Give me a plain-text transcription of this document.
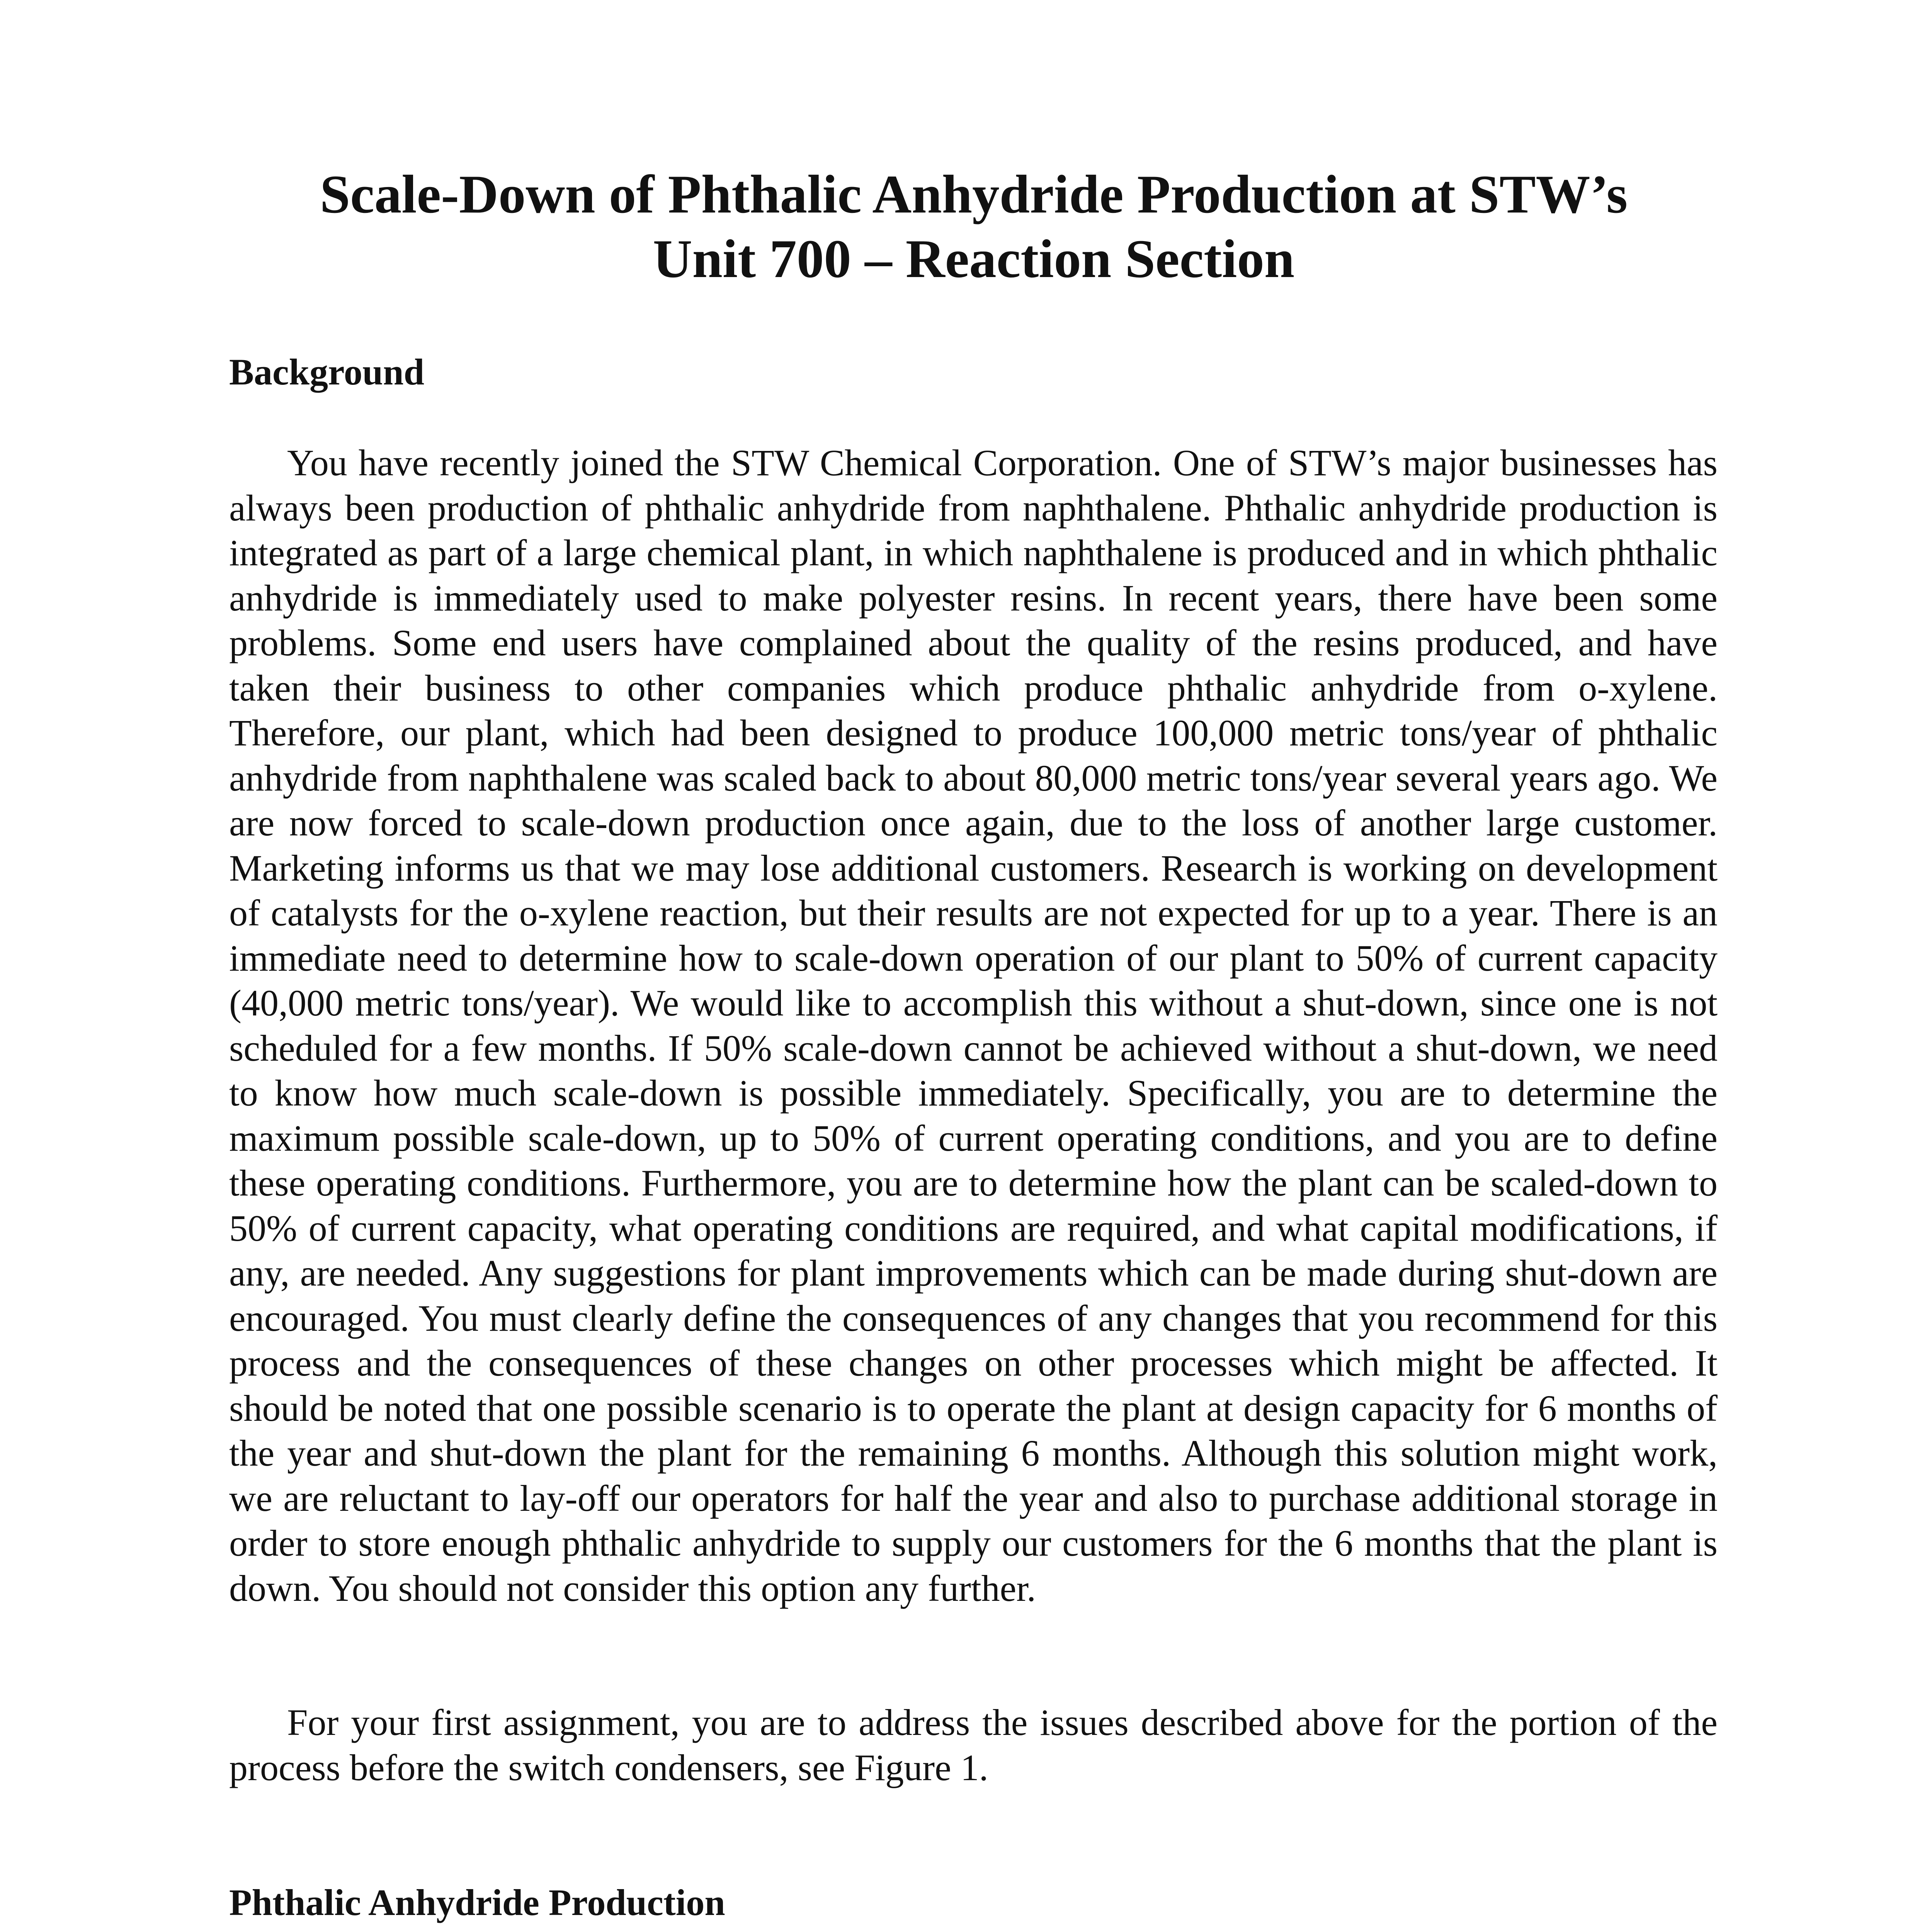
Scale-Down of Phthalic Anhydride Production at STW’s
Unit 700 – Reaction Section
Background

You have recently joined the STW Chemical Corporation. One of STW’s major businesses has always been production of phthalic anhydride from naphthalene. Phthalic anhydride production is integrated as part of a large chemical plant, in which naphthalene is produced and in which phthalic anhydride is immediately used to make polyester resins. In recent years, there have been some problems. Some end users have complained about the quality of the resins produced, and have taken their business to other companies which produce phthalic anhydride from o-xylene. Therefore, our plant, which had been designed to produce 100,000 metric tons/year of phthalic anhydride from naphthalene was scaled back to about 80,000 metric tons/year several years ago. We are now forced to scale-down production once again, due to the loss of another large customer. Marketing informs us that we may lose additional customers. Research is working on development of catalysts for the o-xylene reaction, but their results are not expected for up to a year. There is an immediate need to determine how to scale-down operation of our plant to 50% of current capacity (40,000 metric tons/year). We would like to accomplish this without a shut-down, since one is not scheduled for a few months. If 50% scale-down cannot be achieved without a shut-down, we need to know how much scale-down is possible immediately. Specifically, you are to determine the maximum possible scale-down, up to 50% of current operating conditions, and you are to define these operating conditions. Furthermore, you are to determine how the plant can be scaled-down to 50% of current capacity, what operating conditions are required, and what capital modifications, if any, are needed. Any suggestions for plant improvements which can be made during shut-down are encouraged. You must clearly define the consequences of any changes that you recommend for this process and the consequences of these changes on other processes which might be affected. It should be noted that one possible scenario is to operate the plant at design capacity for 6 months of the year and shut-down the plant for the remaining 6 months. Although this solution might work, we are reluctant to lay-off our operators for half the year and also to purchase additional storage in order to store enough phthalic anhydride to supply our customers for the 6 months that the plant is down. You should not consider this option any further.

For your first assignment, you are to address the issues described above for the portion of the process before the switch condensers, see Figure 1.

Phthalic Anhydride Production
